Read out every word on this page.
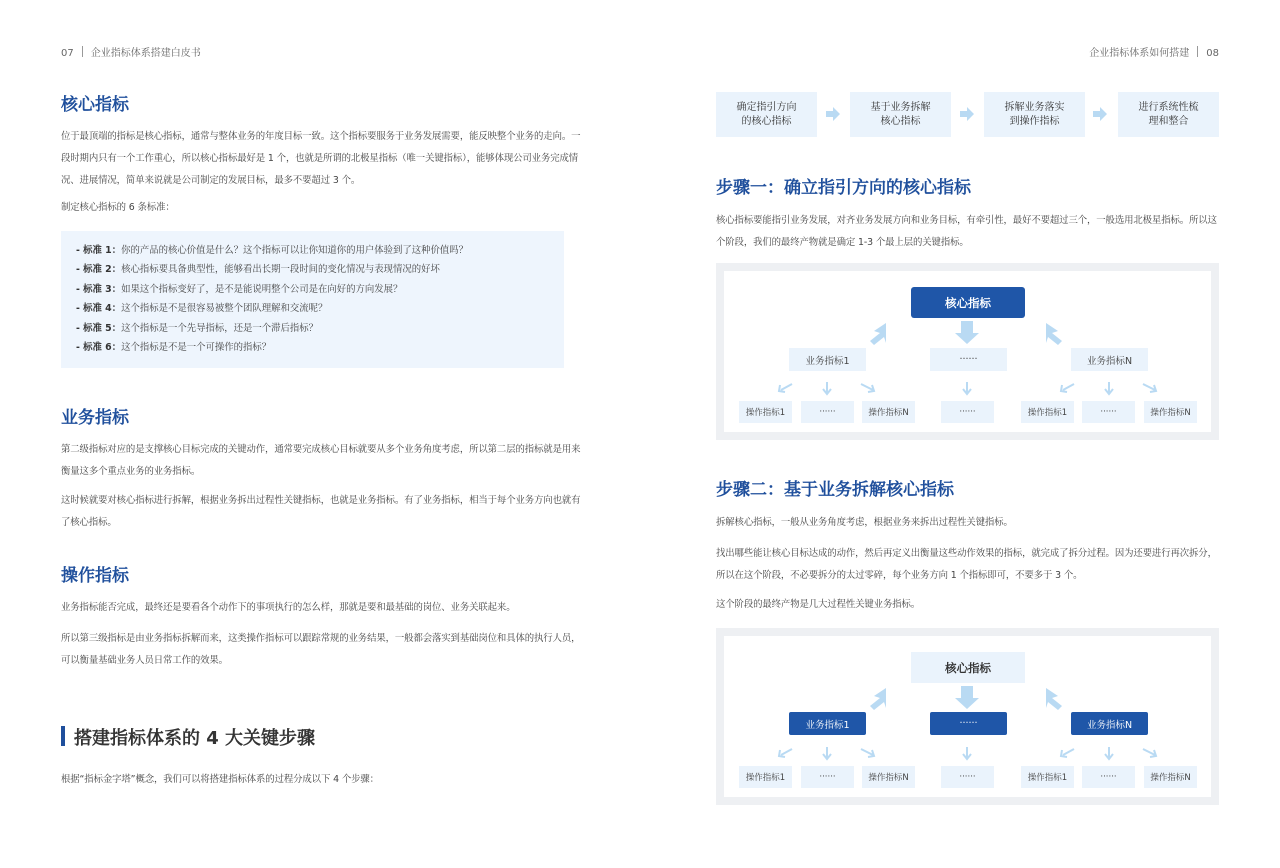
07 企业指标体系搭建白皮书
核心指标
位于最顶端的指标是核心指标，通常与整体业务的年度目标一致。这个指标要服务于业务发展需要，能反映整个业务的走向。一段时期内只有一个工作重心，所以核心指标最好是 1 个，也就是所谓的北极星指标（唯一关键指标），能够体现公司业务完成情况、进展情况，简单来说就是公司制定的发展目标，最多不要超过 3 个。
制定核心指标的 6 条标准：
- 标准 1：你的产品的核心价值是什么？这个指标可以让你知道你的用户体验到了这种价值吗？
- 标准 2：核心指标要具备典型性，能够看出长期一段时间的变化情况与表现情况的好坏
- 标准 3：如果这个指标变好了，是不是能说明整个公司是在向好的方向发展？
- 标准 4：这个指标是不是很容易被整个团队理解和交流呢？
- 标准 5：这个指标是一个先导指标，还是一个滞后指标？
- 标准 6：这个指标是不是一个可操作的指标？
业务指标
第二级指标对应的是支撑核心目标完成的关键动作，通常要完成核心目标就要从多个业务角度考虑，所以第二层的指标就是用来衡量这多个重点业务的业务指标。
这时候就要对核心指标进行拆解，根据业务拆出过程性关键指标，也就是业务指标。有了业务指标，相当于每个业务方向也就有了核心指标。
操作指标
业务指标能否完成，最终还是要看各个动作下的事项执行的怎么样，那就是要和最基础的岗位、业务关联起来。
所以第三级指标是由业务指标拆解而来，这类操作指标可以跟踪常规的业务结果，一般都会落实到基础岗位和具体的执行人员，可以衡量基础业务人员日常工作的效果。
搭建指标体系的 4 大关键步骤
根据“指标金字塔”概念，我们可以将搭建指标体系的过程分成以下 4 个步骤：
企业指标体系如何搭建 08
确定指引方向
的核心指标
基于业务拆解
核心指标
拆解业务落实
到操作指标
进行系统性梳
理和整合
步骤一：确立指引方向的核心指标
核心指标要能指引业务发展，对齐业务发展方向和业务目标，有牵引性，最好不要超过三个，一般选用北极星指标。所以这个阶段，我们的最终产物就是确定 1-3 个最上层的关键指标。
核心指标
业务指标1	······	业务指标N
操作指标1	······	操作指标N	······	操作指标1	······	操作指标N
步骤二：基于业务拆解核心指标
拆解核心指标，一般从业务角度考虑，根据业务来拆出过程性关键指标。
找出哪些能让核心目标达成的动作，然后再定义出衡量这些动作效果的指标，就完成了拆分过程。因为还要进行再次拆分，所以在这个阶段，不必要拆分的太过零碎，每个业务方向 1 个指标即可，不要多于 3 个。
这个阶段的最终产物是几大过程性关键业务指标。
核心指标
业务指标1	······	业务指标N
操作指标1	······	操作指标N	······	操作指标1	······	操作指标N
